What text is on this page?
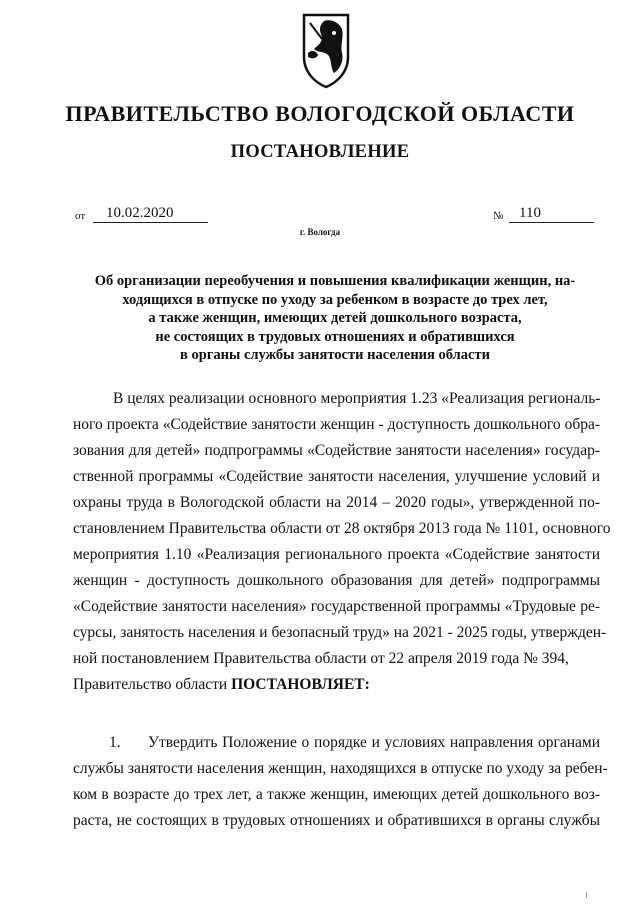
ПРАВИТЕЛЬСТВО ВОЛОГОДСКОЙ ОБЛАСТИ
ПОСТАНОВЛЕНИЕ
от 10.02.2020	№ 110
г. Вологда
Об организации переобучения и повышения квалификации женщин, на-
ходящихся в отпуске по уходу за ребенком в возрасте до трех лет,
а также женщин, имеющих детей дошкольного возраста,
не состоящих в трудовых отношениях и обратившихся
в органы службы занятости населения области
В целях реализации основного мероприятия 1.23 «Реализация региональ-
ного проекта «Содействие занятости женщин - доступность дошкольного обра-
зования для детей» подпрограммы «Содействие занятости населения» государ-
ственной программы «Содействие занятости населения, улучшение условий и
охраны труда в Вологодской области на 2014 – 2020 годы», утвержденной по-
становлением Правительства области от 28 октября 2013 года № 1101, основного
мероприятия 1.10 «Реализация регионального проекта «Содействие занятости
женщин - доступность дошкольного образования для детей» подпрограммы
«Содействие занятости населения» государственной программы «Трудовые ре-
сурсы, занятость населения и безопасный труд» на 2021 - 2025 годы, утвержден-
ной постановлением Правительства области от 22 апреля 2019 года № 394,
Правительство области ПОСТАНОВЛЯЕТ:
1.	Утвердить Положение о порядке и условиях направления органами
службы занятости населения женщин, находящихся в отпуске по уходу за ребен-
ком в возрасте до трех лет, а также женщин, имеющих детей дошкольного воз-
раста, не состоящих в трудовых отношениях и обратившихся в органы службы
